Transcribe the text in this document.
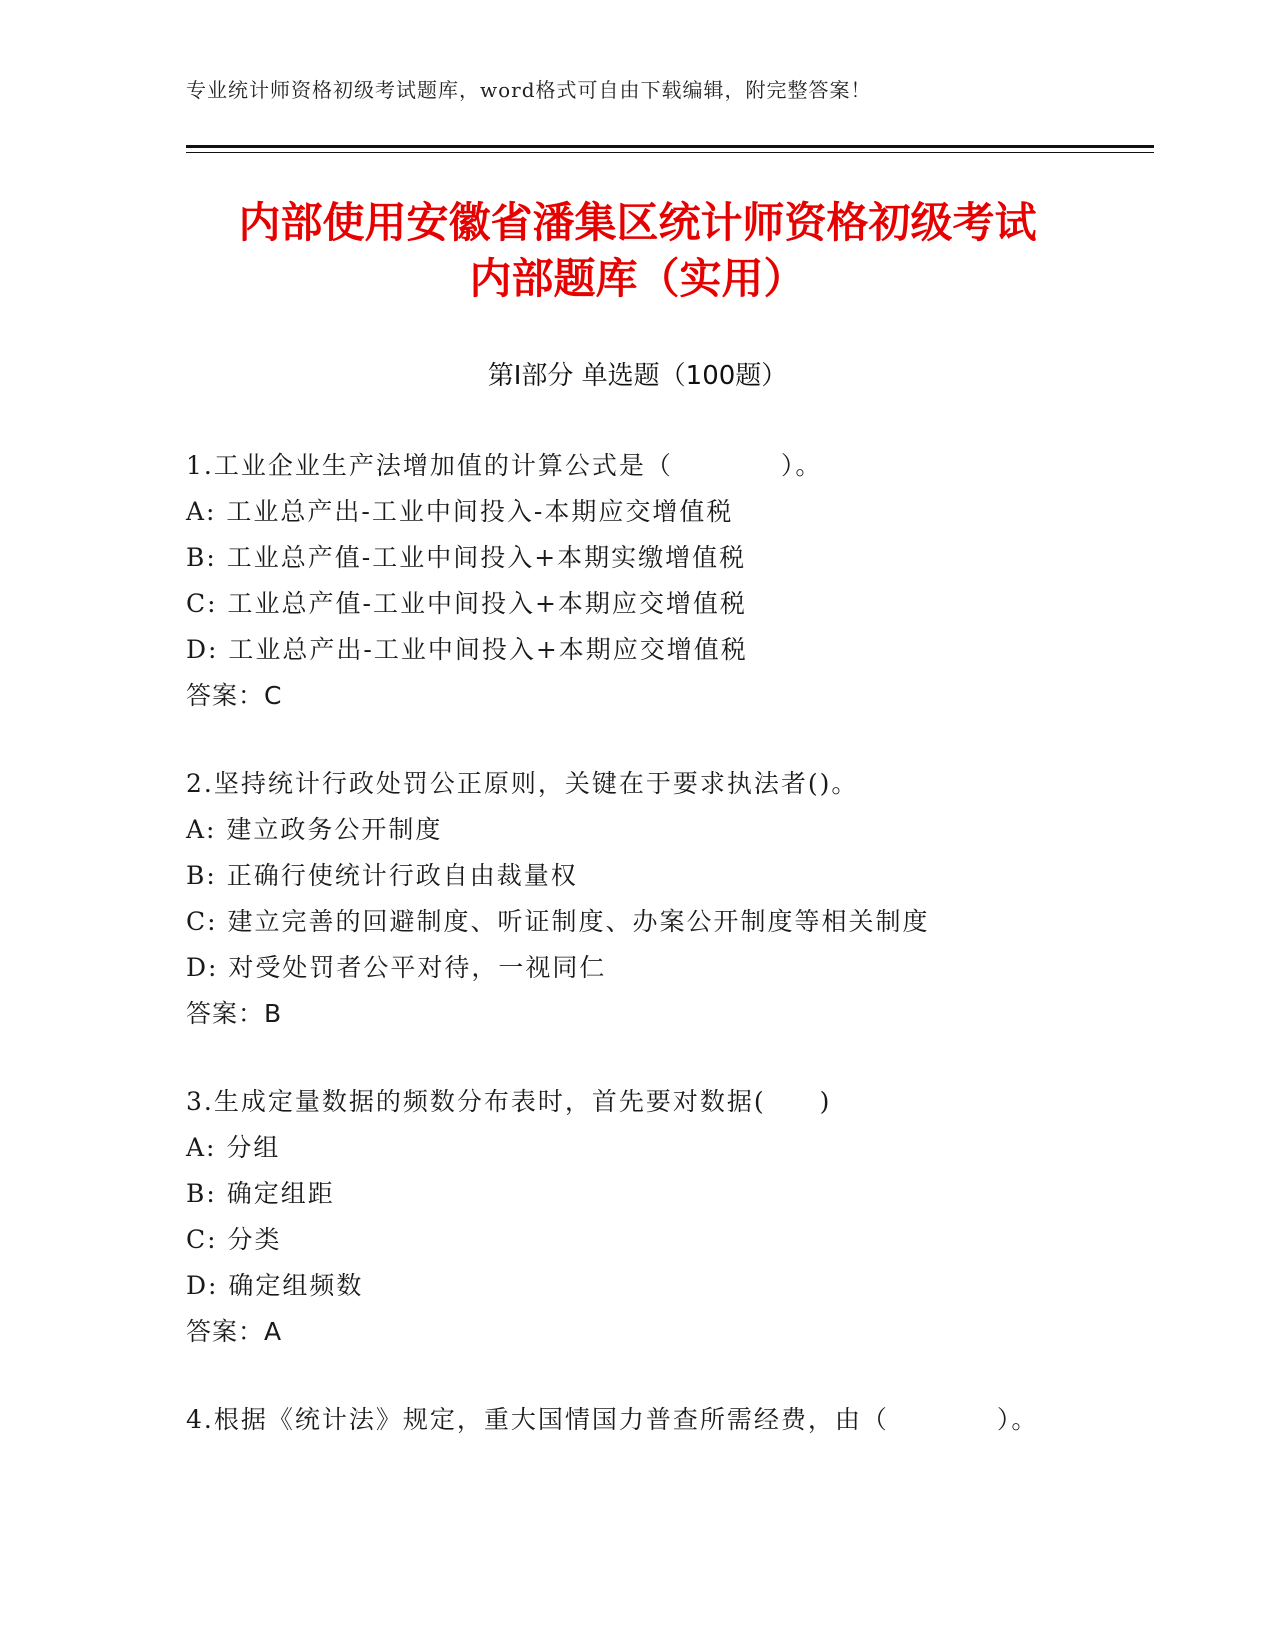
专业统计师资格初级考试题库，word格式可自由下载编辑，附完整答案！
内部使用安徽省潘集区统计师资格初级考试
内部题库（实用）
第Ⅰ部分 单选题（100题）
1.工业企业生产法增加值的计算公式是（　　　　）。
A: 工业总产出-工业中间投入-本期应交增值税
B: 工业总产值-工业中间投入+本期实缴增值税
C: 工业总产值-工业中间投入+本期应交增值税
D: 工业总产出-工业中间投入+本期应交增值税
答案：C
2.坚持统计行政处罚公正原则，关键在于要求执法者()。
A: 建立政务公开制度
B: 正确行使统计行政自由裁量权
C: 建立完善的回避制度、听证制度、办案公开制度等相关制度
D: 对受处罚者公平对待，一视同仁
答案：B
3.生成定量数据的频数分布表时，首先要对数据(　　)
A: 分组
B: 确定组距
C: 分类
D: 确定组频数
答案：A
4.根据《统计法》规定，重大国情国力普查所需经费，由（　　　　）。
